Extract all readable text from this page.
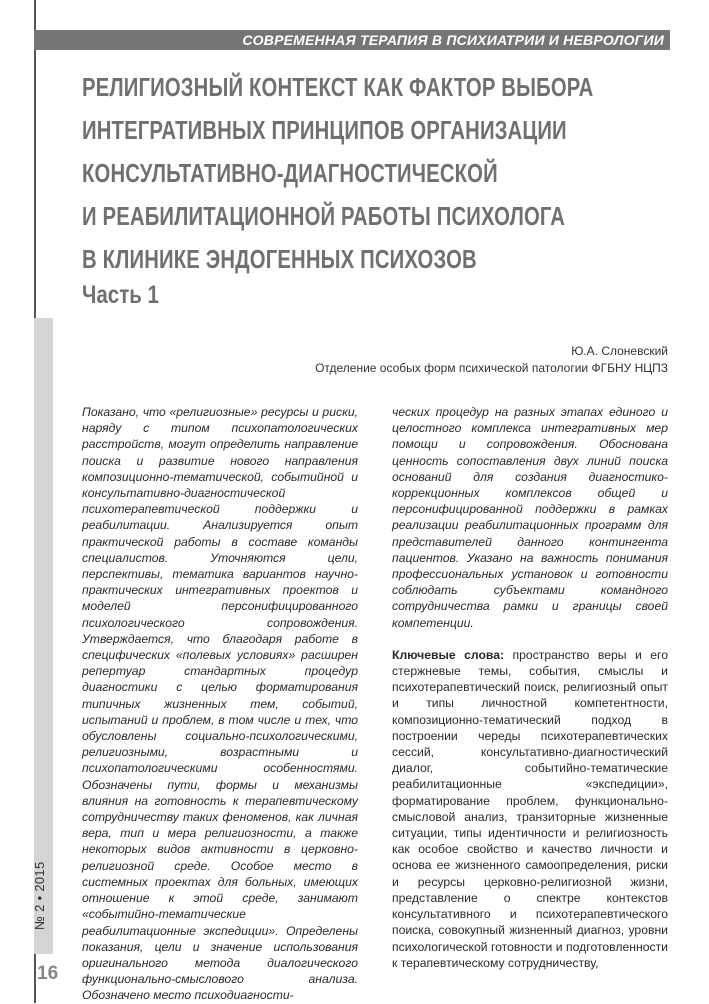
№ 2 • 2015
16
СОВРЕМЕННАЯ ТЕРАПИЯ В ПСИХИАТРИИ И НЕВРОЛОГИИ
РЕЛИГИОЗНЫЙ КОНТЕКСТ КАК ФАКТОР ВЫБОРА
ИНТЕГРАТИВНЫХ ПРИНЦИПОВ ОРГАНИЗАЦИИ
КОНСУЛЬТАТИВНО-ДИАГНОСТИЧЕСКОЙ
И РЕАБИЛИТАЦИОННОЙ РАБОТЫ ПСИХОЛОГА
В КЛИНИКЕ ЭНДОГЕННЫХ ПСИХОЗОВ
Часть 1
Ю.А. Слоневский
Отделение особых форм психической патологии ФГБНУ НЦПЗ

Показано, что «религиозные» ресурсы и риски, наряду с типом психопатологических расстройств, могут определить направление поиска и развитие нового направления композиционно-тематической, событийной и консультативно-диагностической психотерапевтической поддержки и реабилитации. Анализируется опыт практической работы в составе команды специалистов. Уточняются цели, перспективы, тематика вариантов научно-практических интегративных проектов и моделей персонифицированного психологического сопровождения. Утверждается, что благодаря работе в специфических «полевых условиях» расширен репертуар стандартных процедур диагностики с целью форматирования типичных жизненных тем, событий, испытаний и проблем, в том числе и тех, что обусловлены социально-психологическими, религиозными, возрастными и психопатологическими особенностями. Обозначены пути, формы и механизмы влияния на готовность к терапевтическому сотрудничеству таких феноменов, как личная вера, тип и мера религиозности, а также некоторых видов активности в церковно-религиозной среде. Особое место в системных проектах для больных, имеющих отношение к этой среде, занимают «событийно-тематические реабилитационные экспедиции». Определены показания, цели и значение использования оригинального метода диалогического функционально-смыслового анализа. Обозначено место психодиагности-

ческих процедур на разных этапах единого и целостного комплекса интегративных мер помощи и сопровождения. Обоснована ценность сопоставления двух линий поиска оснований для создания диагностико-коррекционных комплексов общей и персонифицированной поддержки в рамках реализации реабилитационных программ для представителей данного контингента пациентов. Указано на важность понимания профессиональных установок и готовности соблюдать субъектами командного сотрудничества рамки и границы своей компетенции.

Ключевые слова: пространство веры и его стержневые темы, события, смыслы и психотерапевтический поиск, религиозный опыт и типы личностной компетентности, композиционно-тематический подход в построении череды психотерапевтических сессий, консультативно-диагностический диалог, событийно-тематические реабилитационные «экспедиции», форматирование проблем, функционально-смысловой анализ, транзиторные жизненные ситуации, типы идентичности и религиозность как особое свойство и качество личности и основа ее жизненного самоопределения, риски и ресурсы церковно-религиозной жизни, представление о спектре контекстов консультативного и психотерапевтического поиска, совокупный жизненный диагноз, уровни психологической готовности и подготовленности к терапевтическому сотрудничеству,
